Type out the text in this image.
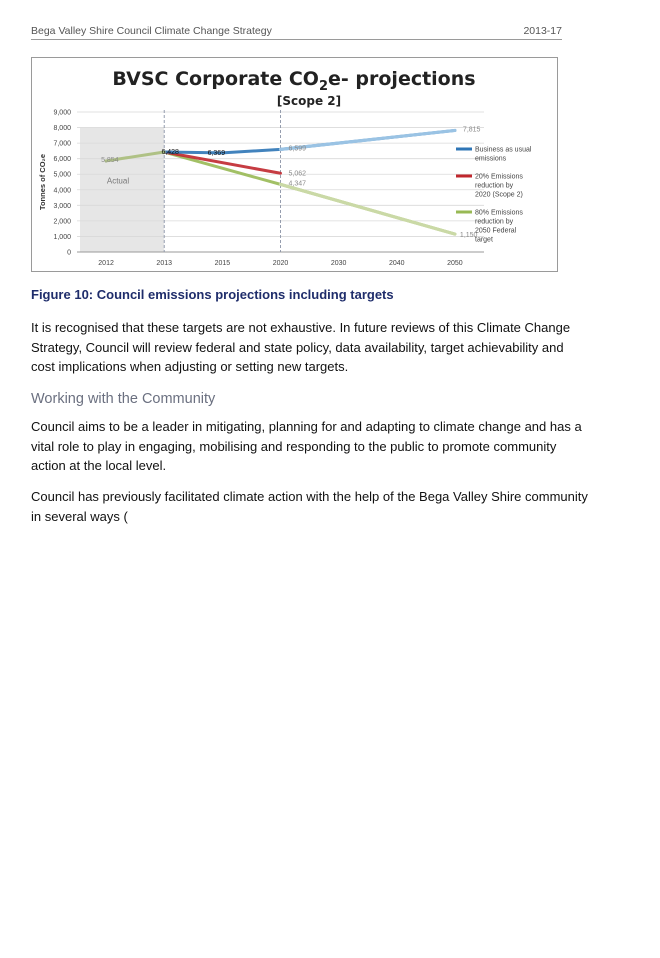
Bega Valley Shire Council Climate Change Strategy	2013-17
BVSC Corporate $CO_2e-$ projections
[Scope 2]
Actual
0
1,000
2,000
3,000
4,000
5,000
6,000
7,000
8,000
9,000
Tonnes of CO₂e
2012	2013	2015	2020	2030	2040	2050
5,854
6,428	6,369
6,599
7,815
5,062
4,347
1,150
Business as usual
emissions
20% Emissions
reduction by
2020 (Scope 2)
80% Emissions
reduction by
2050 Federal
target
Figure 10: Council emissions projections including targets

It is recognised that these targets are not exhaustive. In future reviews of this Climate Change
Strategy, Council will review federal and state policy, data availability, target achievability and
cost implications when adjusting or setting new targets.

Working with the Community

Council aims to be a leader in mitigating, planning for and adapting to climate change and has a
vital role to play in engaging, mobilising and responding to the public to promote community
action at the local level.

Council has previously facilitated climate action with the help of the Bega Valley Shire community
in several ways (
